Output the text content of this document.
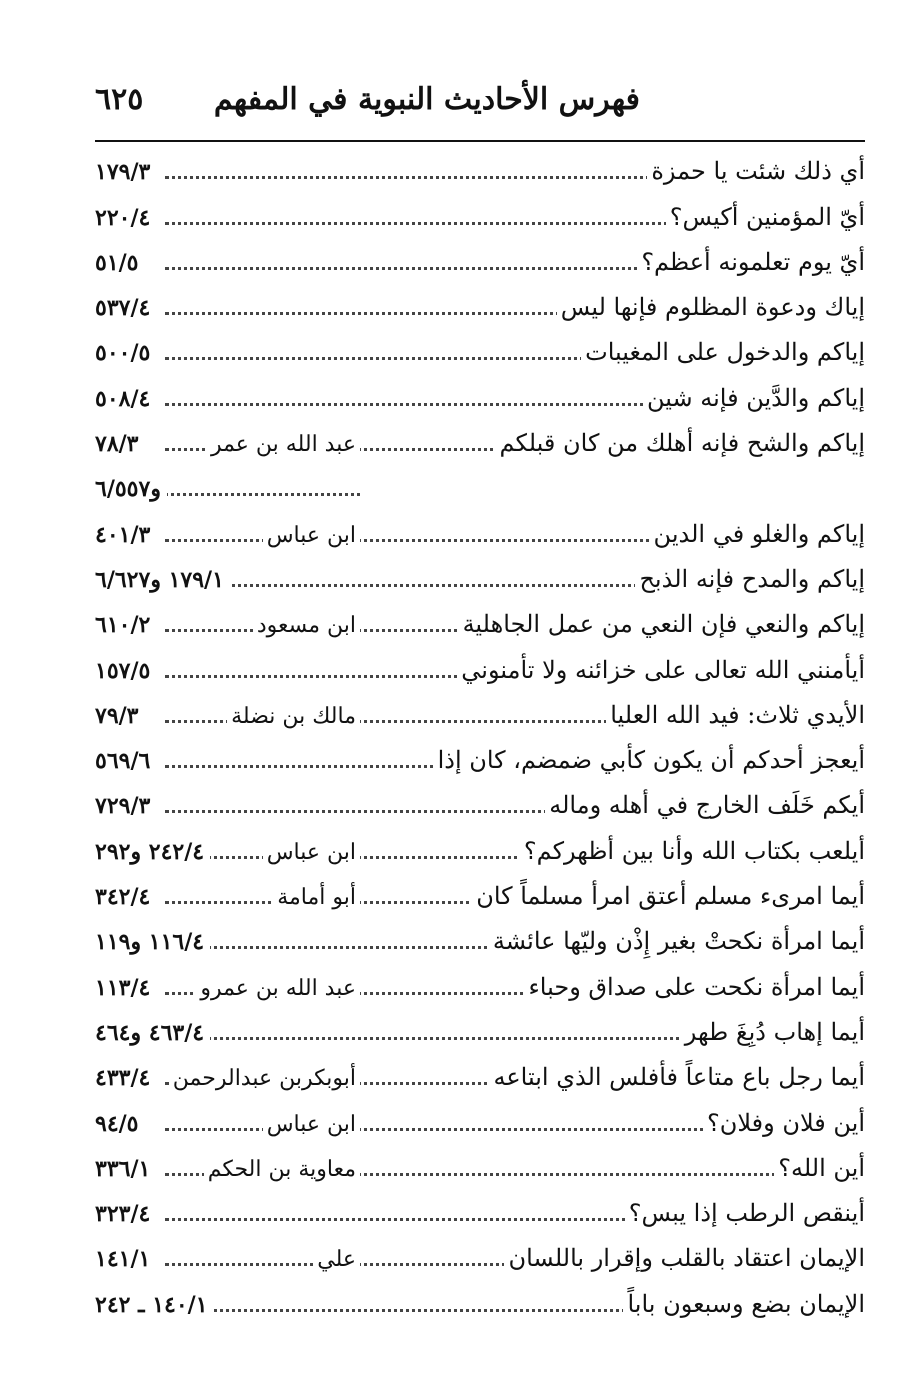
فهرس الأحاديث النبوية في المفهم
٦٢٥
أي ذلك شئت يا حمزة
١٧٩/٣
أيّ المؤمنين أكيس؟
٢٢٠/٤
أيّ يوم تعلمونه أعظم؟
٥١/٥
إياك ودعوة المظلوم فإنها ليس
٥٣٧/٤
إياكم والدخول على المغيبات
٥٠٠/٥
إياكم والدَّين فإنه شين
٥٠٨/٤
إياكم والشح فإنه أهلك من كان قبلكم
عبد الله بن عمر
٧٨/٣
و٦/٥٥٧
إياكم والغلو في الدين
ابن عباس
٤٠١/٣
إياكم والمدح فإنه الذبح
١٧٩/١ و٦/٦٢٧
إياكم والنعي فإن النعي من عمل الجاهلية
ابن مسعود
٦١٠/٢
أيأمنني الله تعالى على خزائنه ولا تأمنوني
١٥٧/٥
الأيدي ثلاث: فيد الله العليا
مالك بن نضلة
٧٩/٣
أيعجز أحدكم أن يكون كأبي ضمضم، كان إذا
٥٦٩/٦
أيكم خَلَف الخارج في أهله وماله
٧٢٩/٣
أيلعب بكتاب الله وأنا بين أظهركم؟
ابن عباس
٢٤٢/٤ و٢٩٢
أيما امرىء مسلم أعتق امرأ مسلماً كان
أبو أمامة
٣٤٢/٤
أيما امرأة نكحتْ بغير إِذْن وليّها عائشة
١١٦/٤ و١١٩
أيما امرأة نكحت على صداق وحباء
عبد الله بن عمرو
١١٣/٤
أيما إهاب دُبِغَ طهر
٤٦٣/٤ و٤٦٤
أيما رجل باع متاعاً فأفلس الذي ابتاعه
أبوبكربن عبدالرحمن
٤٣٣/٤
أين فلان وفلان؟
ابن عباس
٩٤/٥
أين الله؟
معاوية بن الحكم
٣٣٦/١
أينقص الرطب إذا يبس؟
٣٢٣/٤
الإيمان اعتقاد بالقلب وإقرار باللسان
علي
١٤١/١
الإيمان بضع وسبعون باباً
١٤٠/١ ـ ٢٤٢
